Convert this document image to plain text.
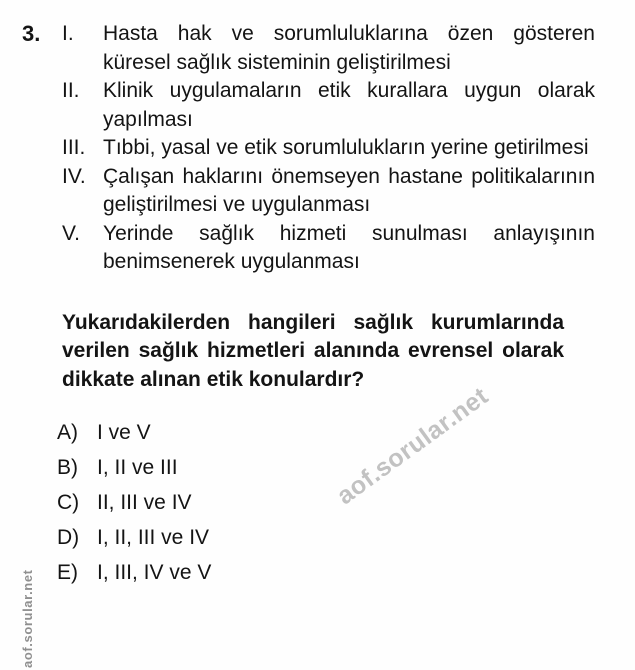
3.	I.	Hasta hak ve sorumluluklarına özen gösteren küresel sağlık sisteminin geliştirilmesi
II.	Klinik uygulamaların etik kurallara uygun olarak yapılması
III. Tıbbi, yasal ve etik sorumlulukların yerine getirilmesi
IV. Çalışan haklarını önemseyen hastane politikalarının geliştirilmesi ve uygulanması
V.	Yerinde sağlık hizmeti sunulması anlayışının benimsenerek uygulanması

Yukarıdakilerden hangileri sağlık kurumlarında verilen sağlık hizmetleri alanında evrensel olarak dikkate alınan etik konulardır?

A) I ve V
B) I, II ve III
C) II, III ve IV
D) I, II, III ve IV
E) I, III, IV ve V
aof.sorular.net
aof.sorular.net
